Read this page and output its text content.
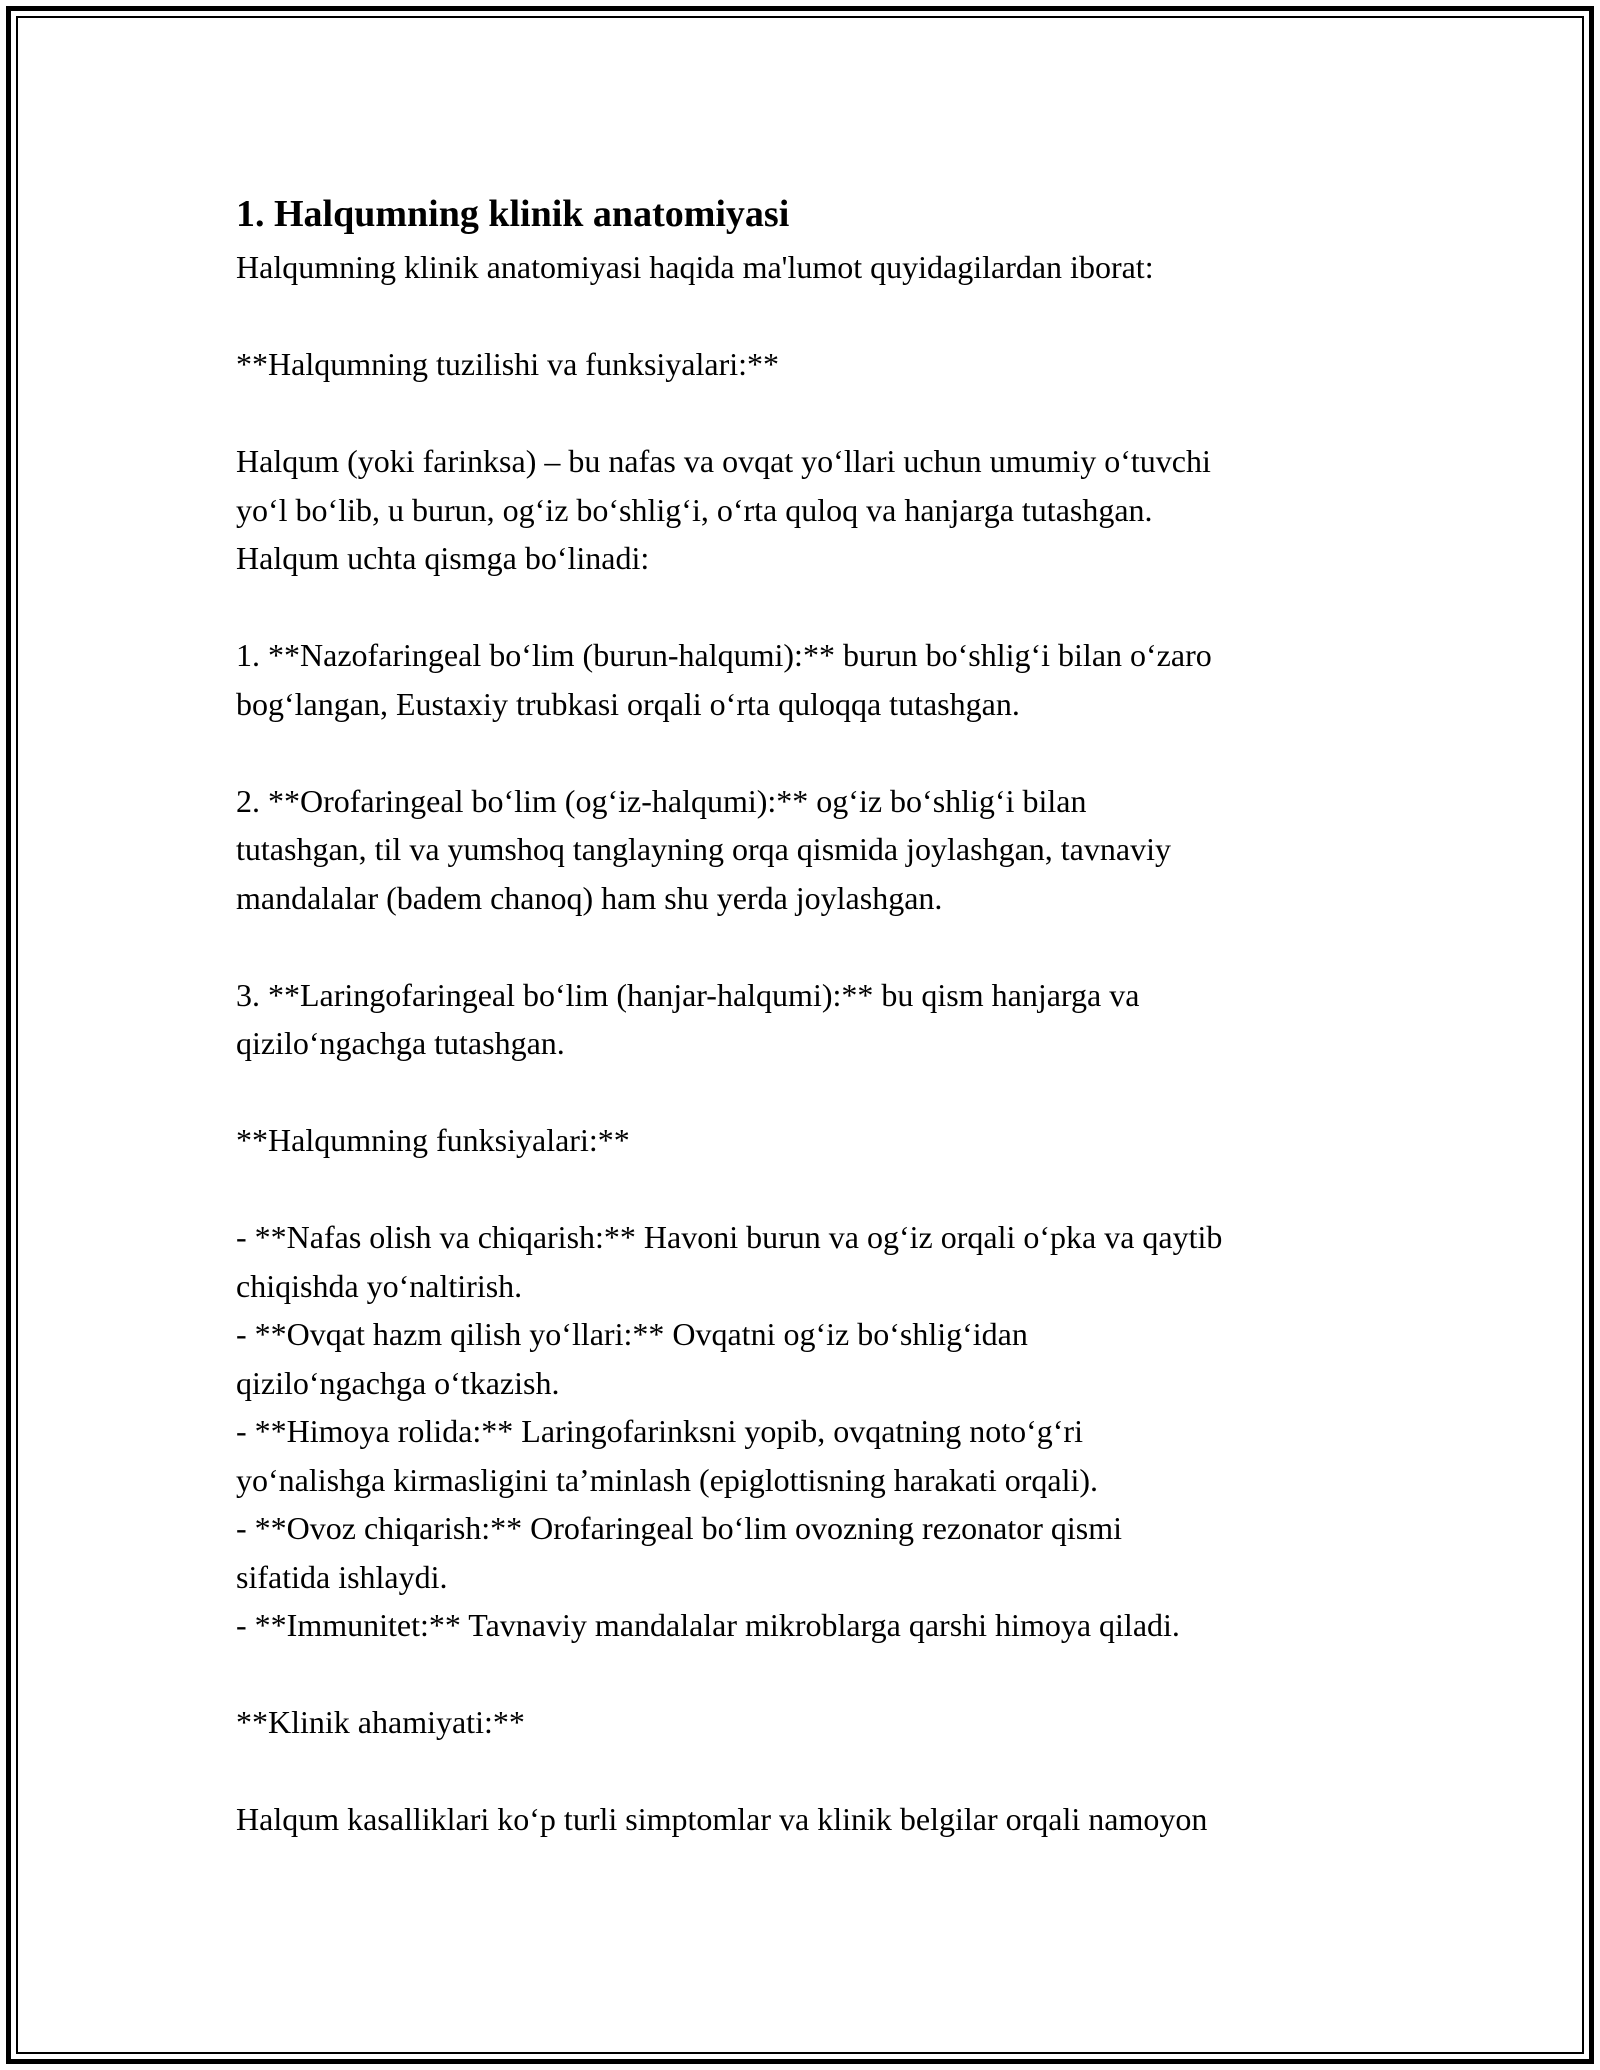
1. Halqumning klinik anatomiyasi

Halqumning klinik anatomiyasi haqida ma'lumot quyidagilardan iborat:

**Halqumning tuzilishi va funksiyalari:**

Halqum (yoki farinksa) – bu nafas va ovqat yo‘llari uchun umumiy o‘tuvchi
yo‘l bo‘lib, u burun, og‘iz bo‘shlig‘i, o‘rta quloq va hanjarga tutashgan.
Halqum uchta qismga bo‘linadi:

1. **Nazofaringeal bo‘lim (burun-halqumi):** burun bo‘shlig‘i bilan o‘zaro
bog‘langan, Eustaxiy trubkasi orqali o‘rta quloqqa tutashgan.

2. **Orofaringeal bo‘lim (og‘iz-halqumi):** og‘iz bo‘shlig‘i bilan
tutashgan, til va yumshoq tanglayning orqa qismida joylashgan, tavnaviy
mandalalar (badem chanoq) ham shu yerda joylashgan.

3. **Laringofaringeal bo‘lim (hanjar-halqumi):** bu qism hanjarga va
qizilo‘ngachga tutashgan.

**Halqumning funksiyalari:**

- **Nafas olish va chiqarish:** Havoni burun va og‘iz orqali o‘pka va qaytib
chiqishda yo‘naltirish.

- **Ovqat hazm qilish yo‘llari:** Ovqatni og‘iz bo‘shlig‘idan
qizilo‘ngachga o‘tkazish.

- **Himoya rolida:** Laringofarinksni yopib, ovqatning noto‘g‘ri
yo‘nalishga kirmasligini ta’minlash (epiglottisning harakati orqali).

- **Ovoz chiqarish:** Orofaringeal bo‘lim ovozning rezonator qismi
sifatida ishlaydi.

- **Immunitet:** Tavnaviy mandalalar mikroblarga qarshi himoya qiladi.

**Klinik ahamiyati:**

Halqum kasalliklari ko‘p turli simptomlar va klinik belgilar orqali namoyon
